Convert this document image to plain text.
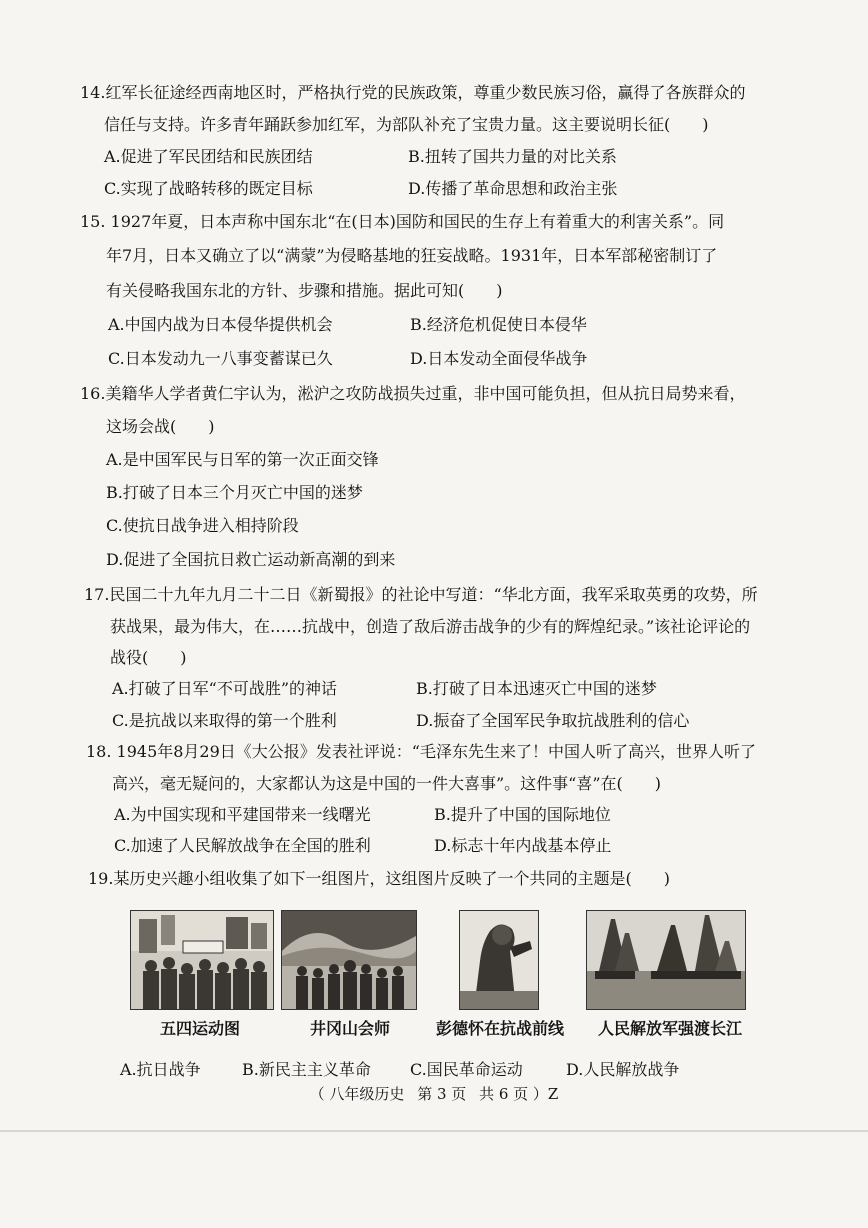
14.红军长征途经西南地区时，严格执行党的民族政策，尊重少数民族习俗，赢得了各族群众的
信任与支持。许多青年踊跃参加红军，为部队补充了宝贵力量。这主要说明长征(　　)
A.促进了军民团结和民族团结	B.扭转了国共力量的对比关系
C.实现了战略转移的既定目标	D.传播了革命思想和政治主张
15. 1927年夏，日本声称中国东北“在(日本)国防和国民的生存上有着重大的利害关系”。同
年7月，日本又确立了以“满蒙”为侵略基地的狂妄战略。1931年，日本军部秘密制订了
有关侵略我国东北的方针、步骤和措施。据此可知(　　)
A.中国内战为日本侵华提供机会	B.经济危机促使日本侵华
C.日本发动九一八事变蓄谋已久	D.日本发动全面侵华战争
16.美籍华人学者黄仁宇认为，淞沪之攻防战损失过重，非中国可能负担，但从抗日局势来看，
这场会战(　　)
A.是中国军民与日军的第一次正面交锋
B.打破了日本三个月灭亡中国的迷梦
C.使抗日战争进入相持阶段
D.促进了全国抗日救亡运动新高潮的到来
17.民国二十九年九月二十二日《新蜀报》的社论中写道：“华北方面，我军采取英勇的攻势，所
获战果，最为伟大，在……抗战中，创造了敌后游击战争的少有的辉煌纪录。”该社论评论的
战役(　　)
A.打破了日军“不可战胜”的神话	B.打破了日本迅速灭亡中国的迷梦
C.是抗战以来取得的第一个胜利	D.振奋了全国军民争取抗战胜利的信心
18. 1945年8月29日《大公报》发表社评说：“毛泽东先生来了！中国人听了高兴，世界人听了
高兴，毫无疑问的，大家都认为这是中国的一件大喜事”。这件事“喜”在(　　)
A.为中国实现和平建国带来一线曙光	B.提升了中国的国际地位
C.加速了人民解放战争在全国的胜利	D.标志十年内战基本停止
19.某历史兴趣小组收集了如下一组图片，这组图片反映了一个共同的主题是(　　)
五四运动图	井冈山会师	彭德怀在抗战前线	人民解放军强渡长江
A.抗日战争	B.新民主主义革命 C.国民革命运动	D.人民解放战争
（ 八年级历史 第 3 页 共 6 页 ）Z
